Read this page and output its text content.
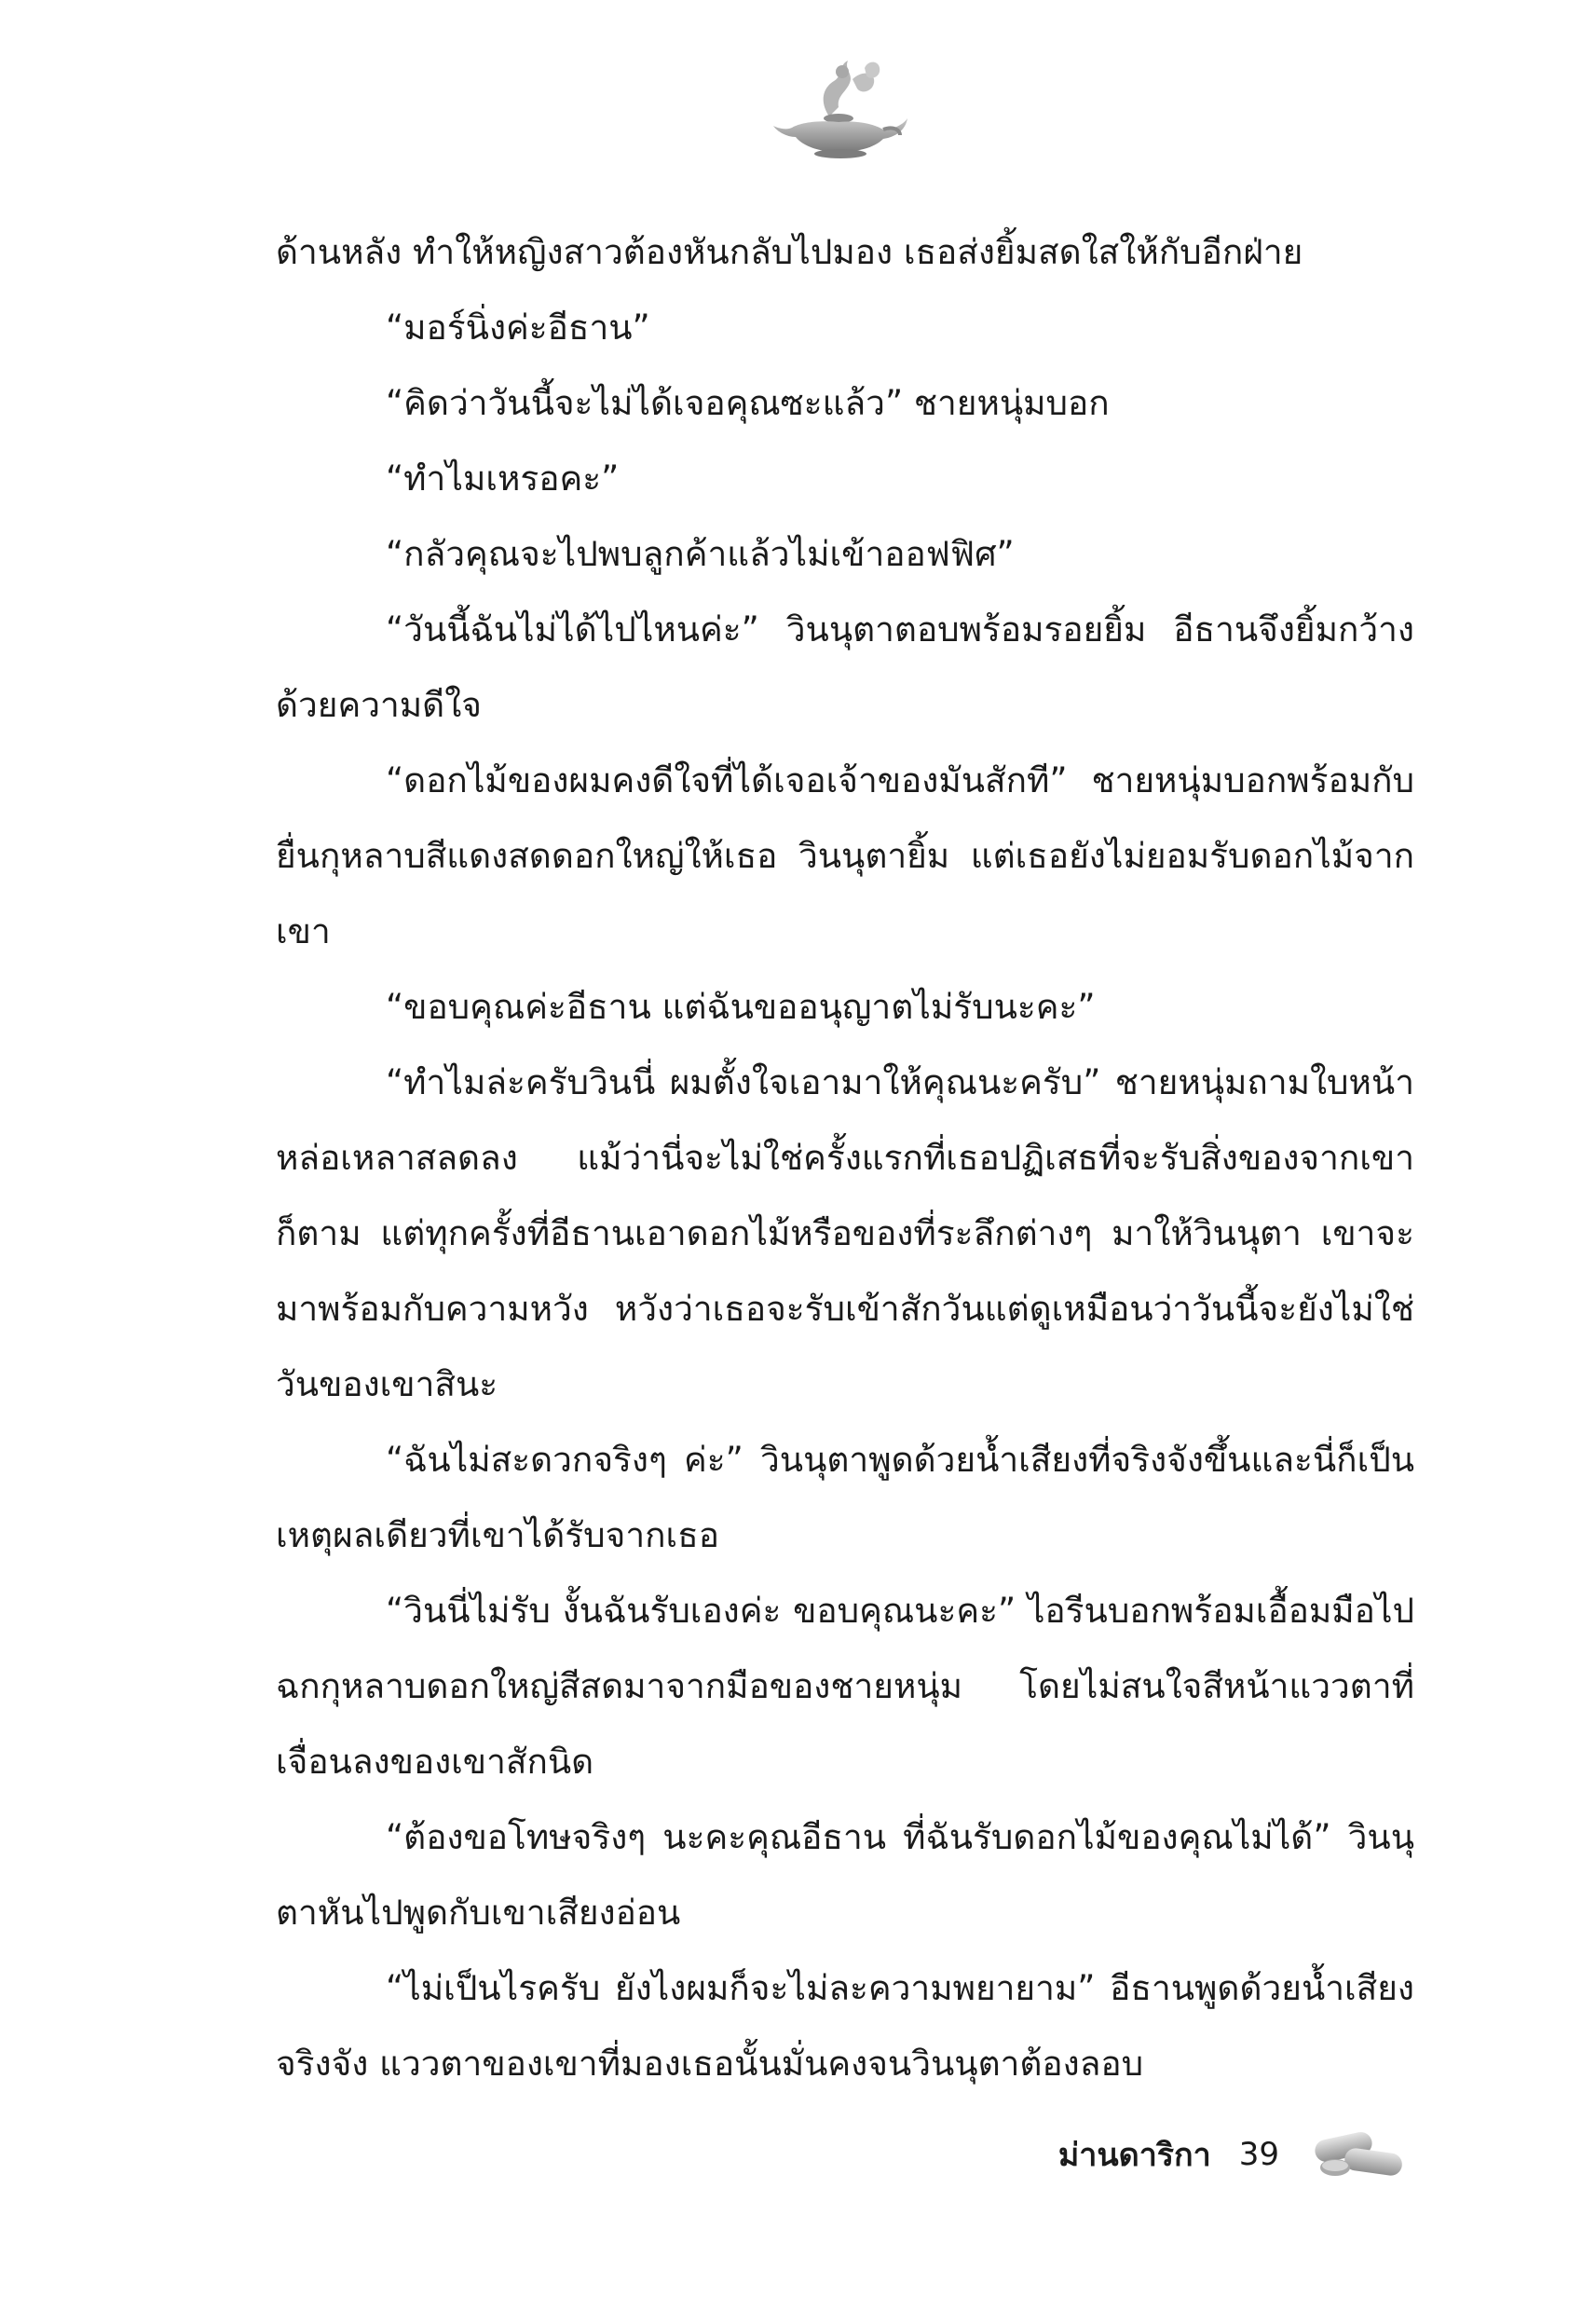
ด้านหลัง ทำให้หญิงสาวต้องหันกลับไปมอง เธอส่งยิ้มสดใสให้กับอีกฝ่าย

“มอร์นิ่งค่ะอีธาน”

“คิดว่าวันนี้จะไม่ได้เจอคุณซะแล้ว” ชายหนุ่มบอก

“ทำไมเหรอคะ”

“กลัวคุณจะไปพบลูกค้าแล้วไม่เข้าออฟฟิศ”

“วันนี้ฉันไม่ได้ไปไหนค่ะ” วินนุตาตอบพร้อมรอยยิ้ม อีธานจึงยิ้มกว้างด้วยความดีใจ

“ดอกไม้ของผมคงดีใจที่ได้เจอเจ้าของมันสักที” ชายหนุ่มบอกพร้อมกับยื่นกุหลาบสีแดงสดดอกใหญ่ให้เธอ วินนุตายิ้ม แต่เธอยังไม่ยอมรับดอกไม้จากเขา

“ขอบคุณค่ะอีธาน แต่ฉันขออนุญาตไม่รับนะคะ”

“ทำไมล่ะครับวินนี่ ผมตั้งใจเอามาให้คุณนะครับ” ชายหนุ่มถามใบหน้าหล่อเหลาสลดลง แม้ว่านี่จะไม่ใช่ครั้งแรกที่เธอปฏิเสธที่จะรับสิ่งของจากเขาก็ตาม แต่ทุกครั้งที่อีธานเอาดอกไม้หรือของที่ระลึกต่างๆ มาให้วินนุตา เขาจะมาพร้อมกับความหวัง หวังว่าเธอจะรับเข้าสักวันแต่ดูเหมือนว่าวันนี้จะยังไม่ใช่วันของเขาสินะ

“ฉันไม่สะดวกจริงๆ ค่ะ” วินนุตาพูดด้วยน้ำเสียงที่จริงจังขึ้นและนี่ก็เป็นเหตุผลเดียวที่เขาได้รับจากเธอ

“วินนี่ไม่รับ งั้นฉันรับเองค่ะ ขอบคุณนะคะ” ไอรีนบอกพร้อมเอื้อมมือไปฉกกุหลาบดอกใหญ่สีสดมาจากมือของชายหนุ่ม โดยไม่สนใจสีหน้าแววตาที่เจื่อนลงของเขาสักนิด

“ต้องขอโทษจริงๆ นะคะคุณอีธาน ที่ฉันรับดอกไม้ของคุณไม่ได้” วินนุตาหันไปพูดกับเขาเสียงอ่อน

“ไม่เป็นไรครับ ยังไงผมก็จะไม่ละความพยายาม” อีธานพูดด้วยน้ำเสียงจริงจัง แววตาของเขาที่มองเธอนั้นมั่นคงจนวินนุตาต้องลอบ

ม่านดาริกา 39
